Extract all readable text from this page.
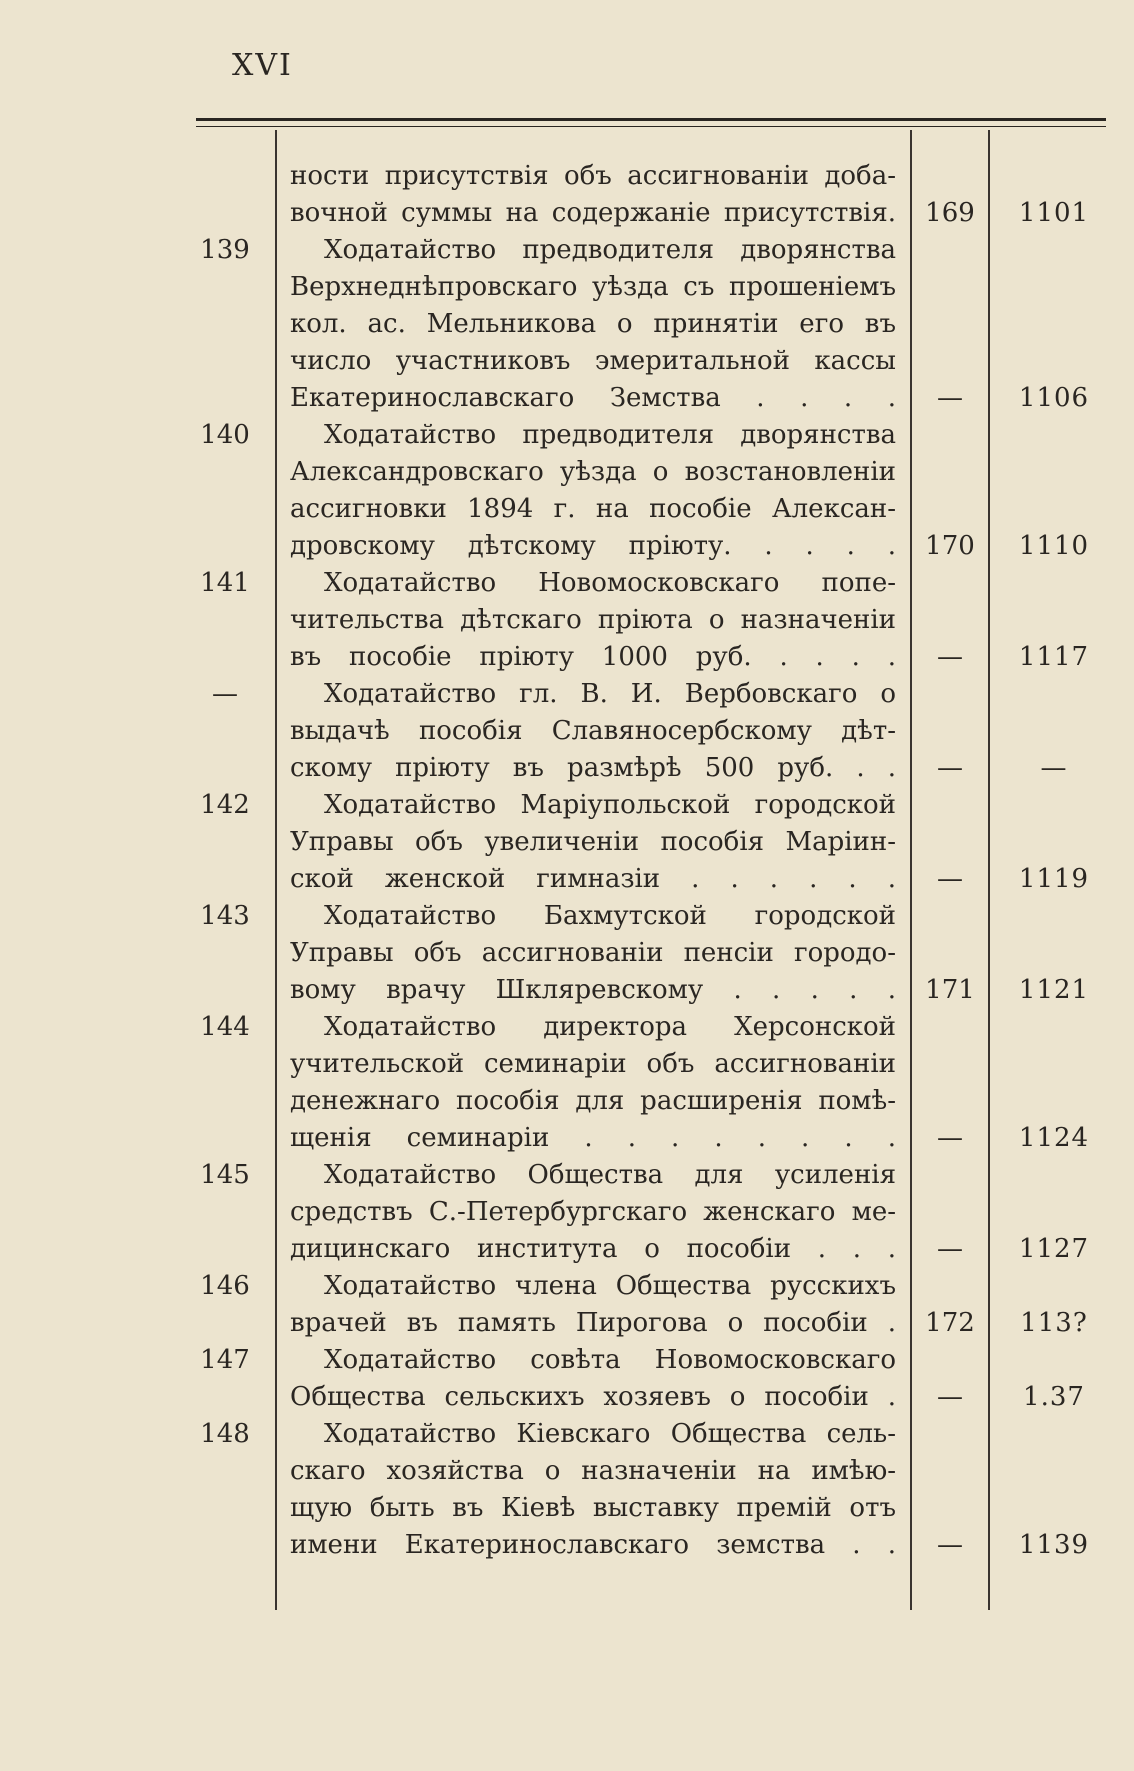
XVI
ности присутствія объ ассигнованіи доба-
вочной суммы на содержаніе присутствія.	169	1101
139	Ходатайство предводителя дворянства
Верхнеднѣпровскаго уѣзда съ прошеніемъ
кол. ас. Мельникова о принятіи его въ
число участниковъ эмеритальной кассы
Екатеринославскаго Земства . . . .	—	1106
140	Ходатайство предводителя дворянства
Александровскаго уѣзда о возстановленіи
ассигновки 1894 г. на пособіе Алексан-
дровскому дѣтскому пріюту. . . . .	170	1110
141	Ходатайство Новомосковскаго попе-
чительства дѣтскаго пріюта о назначеніи
въ пособіе пріюту 1000 руб. . . . .	—	1117
—	Ходатайство гл. В. И. Вербовскаго о
выдачѣ пособія Славяносербскому дѣт-
скому пріюту въ размѣрѣ 500 руб. . .	—	—
142	Ходатайство Маріупольской городской
Управы объ увеличеніи пособія Маріин-
ской женской гимназіи . . . . . .	—	1119
143	Ходатайство Бахмутской городской
Управы объ ассигнованіи пенсіи городо-
вому врачу Шкляревскому . . . . .	171	1121
144	Ходатайство директора Херсонской
учительской семинаріи объ ассигнованіи
денежнаго пособія для расширенія помѣ-
щенія семинаріи . . . . . . . .	—	1124
145	Ходатайство Общества для усиленія
средствъ С.-Петербургскаго женскаго ме-
дицинскаго института о пособіи . . .	—	1127
146	Ходатайство члена Общества русскихъ
врачей въ память Пирогова о пособіи .	172	113?
147	Ходатайство совѣта Новомосковскаго
Общества сельскихъ хозяевъ о пособіи .	—	1.37
148	Ходатайство Кіевскаго Общества сель-
скаго хозяйства о назначеніи на имѣю-
щую быть въ Кіевѣ выставку премій отъ
имени Екатеринославскаго земства . .	—	1139
